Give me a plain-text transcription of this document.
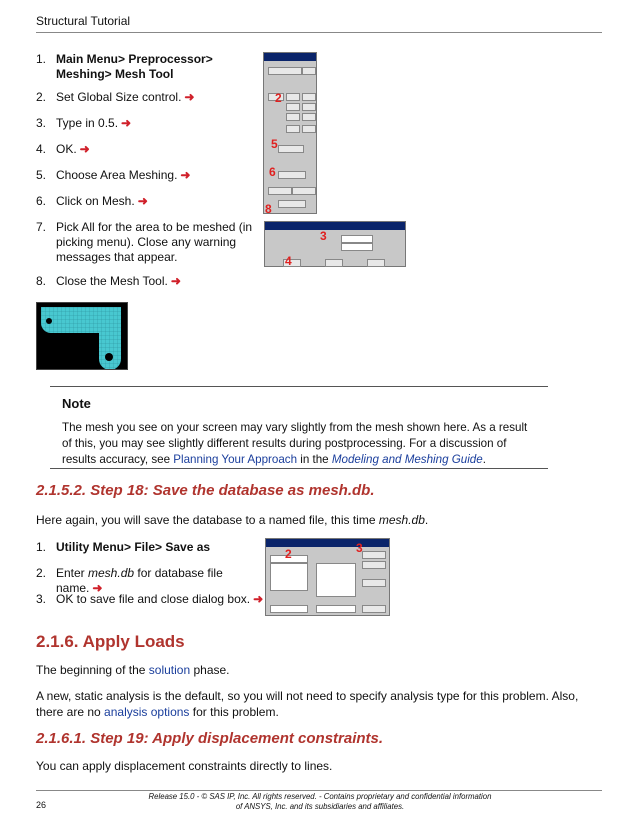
Structural Tutorial
1. Main Menu> Preprocessor> Meshing> Mesh Tool
2. Set Global Size control. ➜
3. Type in 0.5. ➜
4. OK. ➜
5. Choose Area Meshing. ➜
6. Click on Mesh. ➜
7. Pick All for the area to be meshed (in picking menu). Close any warning messages that appear.
8. Close the Mesh Tool. ➜
2
5
6
8
3
4
Note
The mesh you see on your screen may vary slightly from the mesh shown here. As a result of this, you may see slightly different results during postprocessing. For a discussion of results accuracy, see Planning Your Approach in the Modeling and Meshing Guide.
2.1.5.2. Step 18: Save the database as mesh.db.
Here again, you will save the database to a named file, this time mesh.db.
1. Utility Menu> File> Save as
2. Enter mesh.db for database file name. ➜
3. OK to save file and close dialog box. ➜
2	3
2.1.6. Apply Loads
The beginning of the solution phase.
A new, static analysis is the default, so you will not need to specify analysis type for this problem. Also, there are no analysis options for this problem.
2.1.6.1. Step 19: Apply displacement constraints.
You can apply displacement constraints directly to lines.
Release 15.0 - © SAS IP, Inc. All rights reserved. - Contains proprietary and confidential information
of ANSYS, Inc. and its subsidiaries and affiliates.
26
